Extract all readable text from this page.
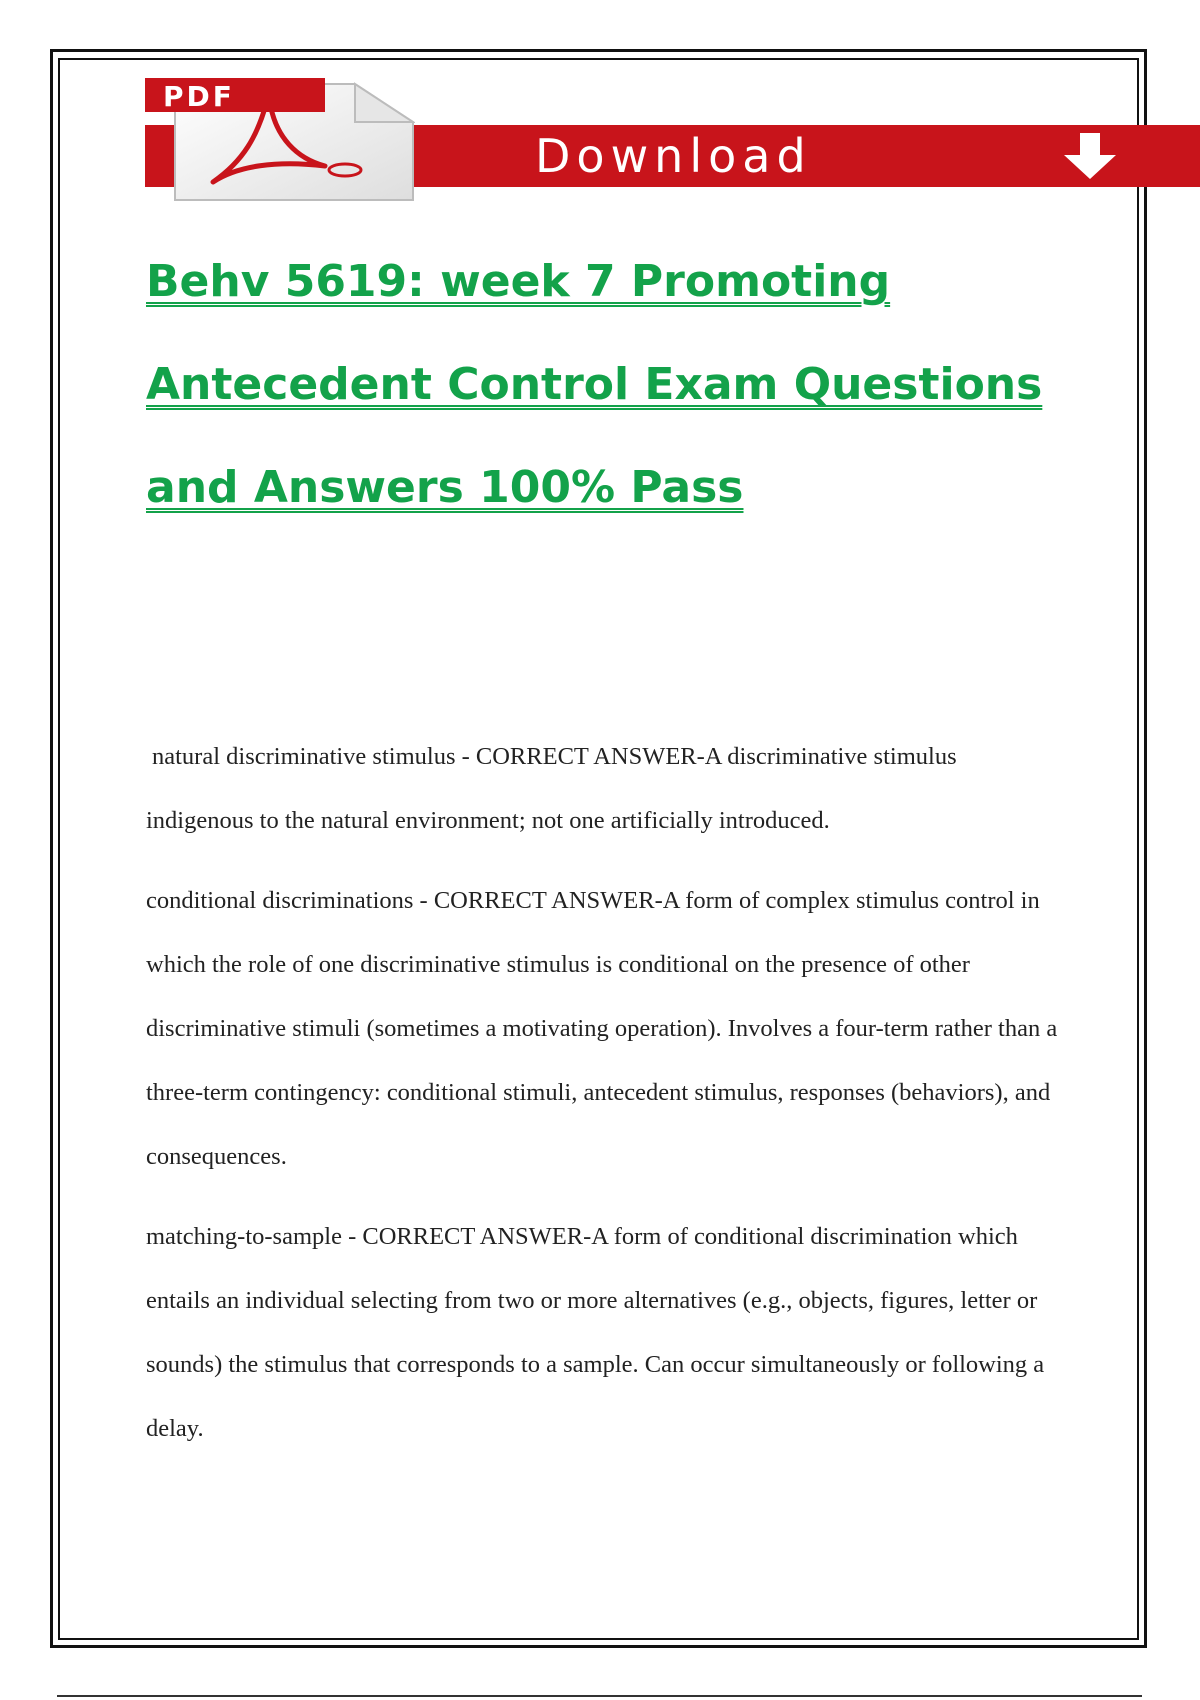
Download
PDF
Behv 5619: week 7 Promoting Antecedent Control Exam Questions and Answers 100% Pass
natural discriminative stimulus - CORRECT ANSWER-A discriminative stimulus indigenous to the natural environment; not one artificially introduced.
conditional discriminations - CORRECT ANSWER-A form of complex stimulus control in which the role of one discriminative stimulus is conditional on the presence of other discriminative stimuli (sometimes a motivating operation). Involves a four-term rather than a three-term contingency: conditional stimuli, antecedent stimulus, responses (behaviors), and consequences.
matching-to-sample - CORRECT ANSWER-A form of conditional discrimination which entails an individual selecting from two or more alternatives (e.g., objects, figures, letter or sounds) the stimulus that corresponds to a sample. Can occur simultaneously or following a delay.
